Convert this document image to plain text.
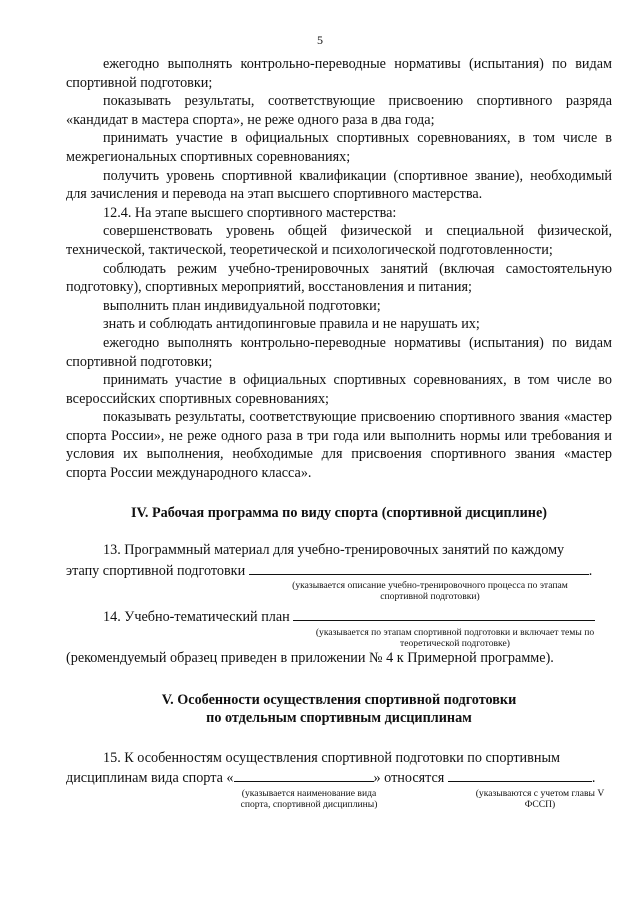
5

ежегодно выполнять контрольно-переводные нормативы (испытания) по видам спортивной подготовки;

показывать результаты, соответствующие присвоению спортивного разряда «кандидат в мастера спорта», не реже одного раза в два года;

принимать участие в официальных спортивных соревнованиях, в том числе в межрегиональных спортивных соревнованиях;

получить уровень спортивной квалификации (спортивное звание), необходимый для зачисления и перевода на этап высшего спортивного мастерства.

12.4. На этапе высшего спортивного мастерства:

совершенствовать уровень общей физической и специальной физической, технической, тактической, теоретической и психологической подготовленности;

соблюдать режим учебно-тренировочных занятий (включая самостоятельную подготовку), спортивных мероприятий, восстановления и питания;

выполнить план индивидуальной подготовки;

знать и соблюдать антидопинговые правила и не нарушать их;

ежегодно выполнять контрольно-переводные нормативы (испытания) по видам спортивной подготовки;

принимать участие в официальных спортивных соревнованиях, в том числе во всероссийских спортивных соревнованиях;

показывать результаты, соответствующие присвоению спортивного звания «мастер спорта России», не реже одного раза в три года или выполнить нормы или требования и условия их выполнения, необходимые для присвоения спортивного звания «мастер спорта России международного класса».

IV. Рабочая программа по виду спорта (спортивной дисциплине)

13. Программный материал для учебно-тренировочных занятий по каждому

этапу спортивной подготовки	.

(указывается описание учебно-тренировочного процесса по этапам спортивной подготовки)

14. Учебно-тематический план

(указывается по этапам спортивной подготовки и включает темы по теоретической подготовке)

(рекомендуемый образец приведен в приложении № 4 к Примерной программе).

V. Особенности осуществления спортивной подготовки
по отдельным спортивным дисциплинам

15. К особенностям осуществления спортивной подготовки по спортивным

дисциплинам вида спорта «	» относятся	.

(указывается наименование вида спорта, спортивной дисциплины)

(указываются с учетом главы V ФССП)
